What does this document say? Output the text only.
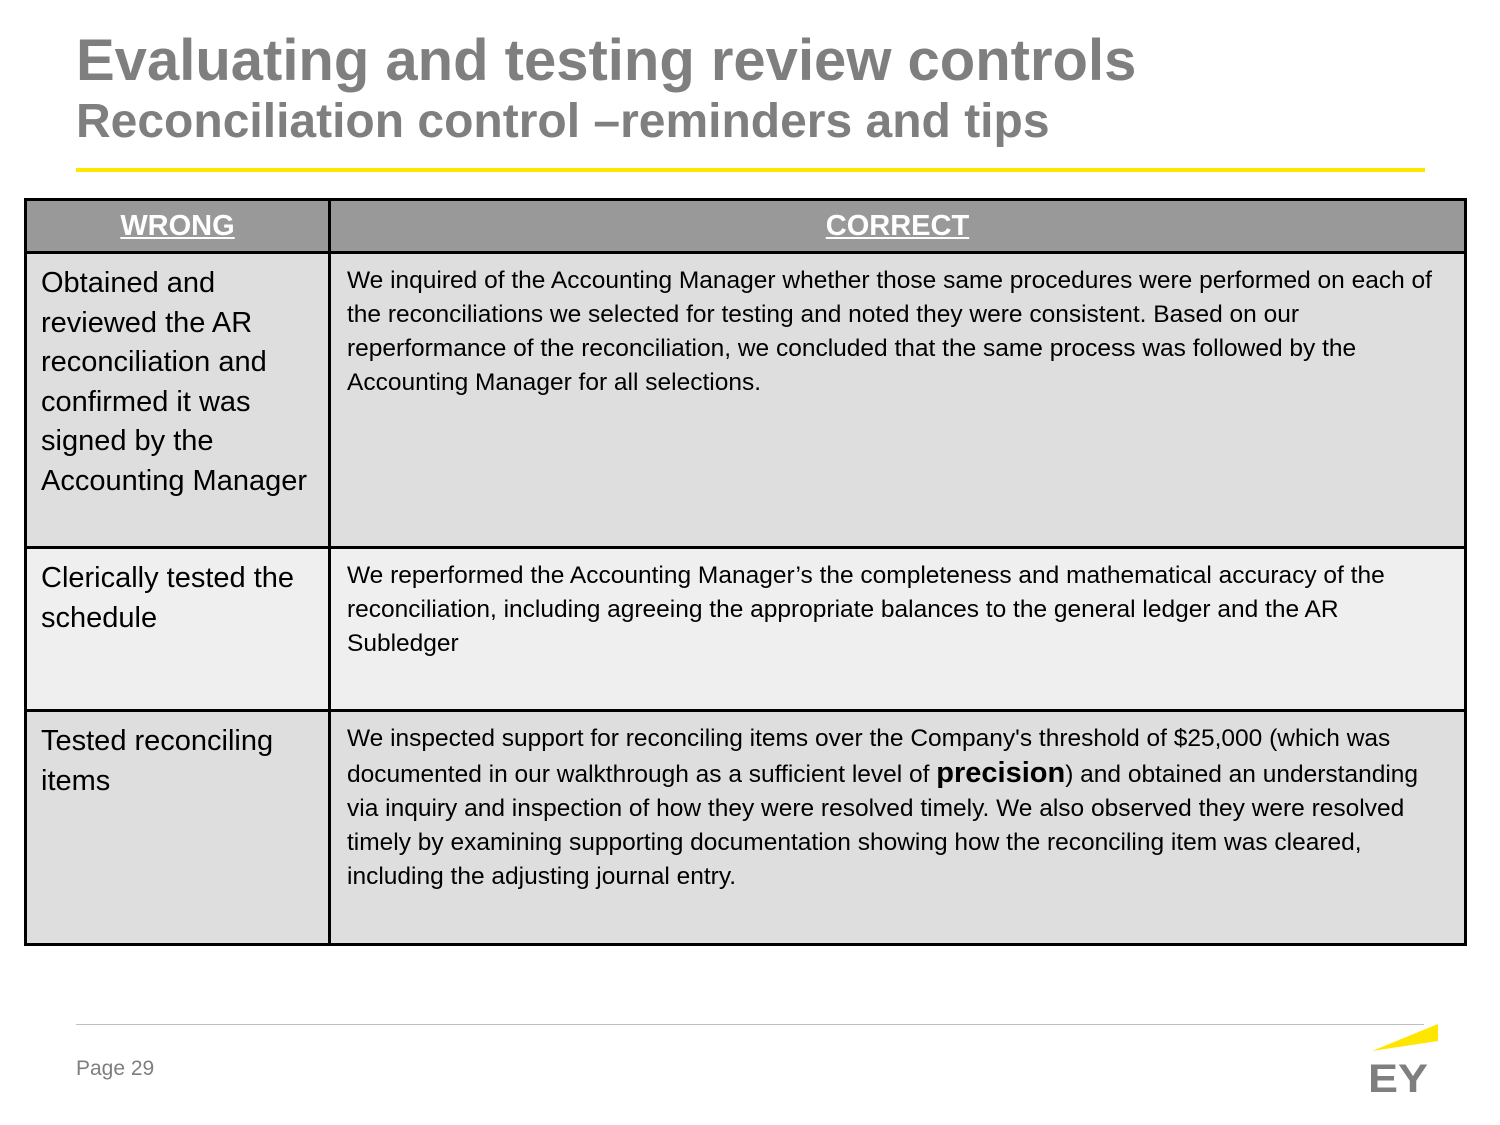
Evaluating and testing review controls
Reconciliation control –reminders and tips
WRONG	CORRECT
Obtained and reviewed the AR reconciliation and confirmed it was signed by the Accounting Manager	We inquired of the Accounting Manager whether those same procedures were performed on each of the reconciliations we selected for testing and noted they were consistent. Based on our reperformance of the reconciliation, we concluded that the same process was followed by the Accounting Manager for all selections.
Clerically tested the schedule	We reperformed the Accounting Manager’s the completeness and mathematical accuracy of the reconciliation, including agreeing the appropriate balances to the general ledger and the AR Subledger
Tested reconciling items	We inspected support for reconciling items over the Company's threshold of $25,000 (which was documented in our walkthrough as a sufficient level of precision) and obtained an understanding via inquiry and inspection of how they were resolved timely. We also observed they were resolved timely by examining supporting documentation showing how the reconciling item was cleared, including the adjusting journal entry.

Page 29	EY
